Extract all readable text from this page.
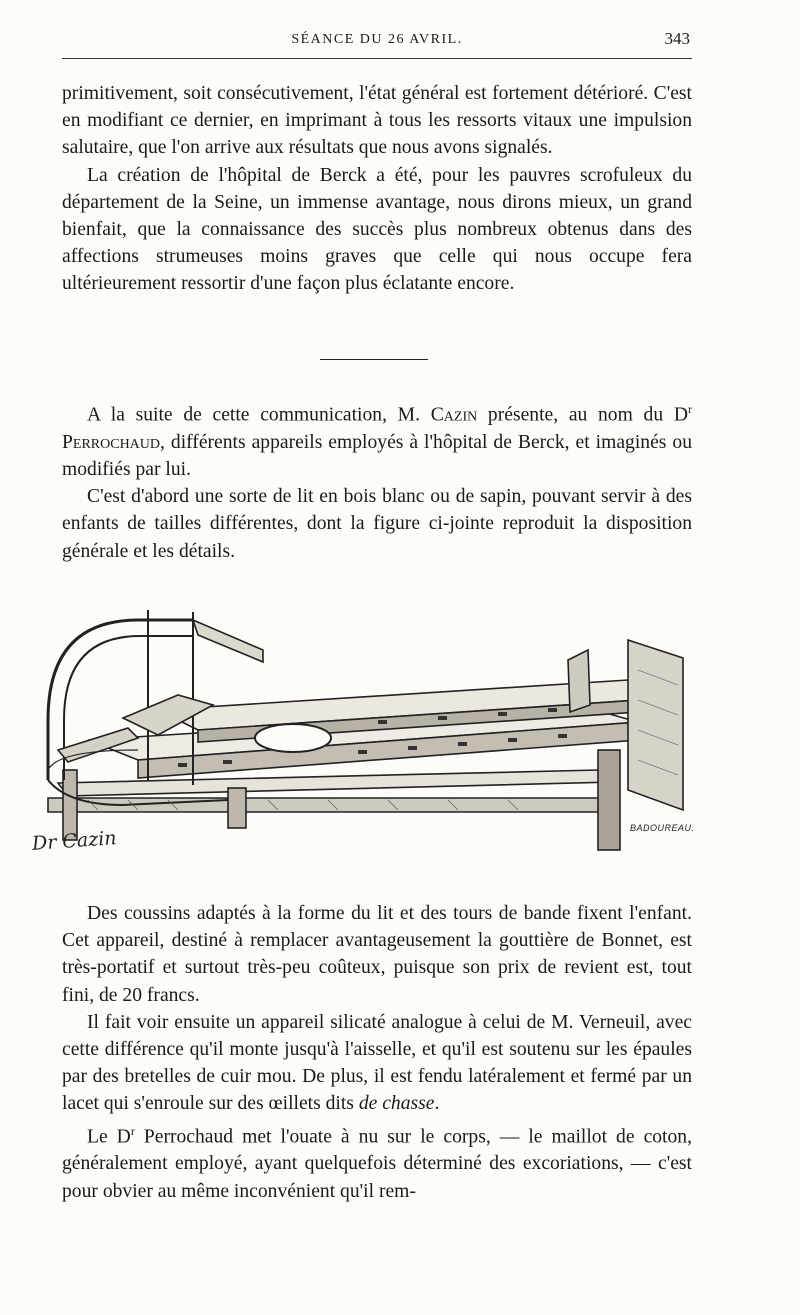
SÉANCE DU 26 AVRIL.	343

primitivement, soit consécutivement, l'état général est fortement détérioré. C'est en modifiant ce dernier, en imprimant à tous les ressorts vitaux une impulsion salutaire, que l'on arrive aux résultats que nous avons signalés.

La création de l'hôpital de Berck a été, pour les pauvres scrofuleux du département de la Seine, un immense avantage, nous dirons mieux, un grand bienfait, que la connaissance des succès plus nombreux obtenus dans des affections strumeuses moins graves que celle qui nous occupe fera ultérieurement ressortir d'une façon plus éclatante encore.

A la suite de cette communication, M. Cazin présente, au nom du $D^r$ Perrochaud, différents appareils employés à l'hôpital de Berck, et imaginés ou modifiés par lui.

C'est d'abord une sorte de lit en bois blanc ou de sapin, pouvant servir à des enfants de tailles différentes, dont la figure ci-jointe reproduit la disposition générale et les détails.

Dr Cazin	BADOUREAU.

Des coussins adaptés à la forme du lit et des tours de bande fixent l'enfant. Cet appareil, destiné à remplacer avantageusement la gouttière de Bonnet, est très-portatif et surtout très-peu coûteux, puisque son prix de revient est, tout fini, de 20 francs.

Il fait voir ensuite un appareil silicaté analogue à celui de M. Verneuil, avec cette différence qu'il monte jusqu'à l'aisselle, et qu'il est soutenu sur les épaules par des bretelles de cuir mou. De plus, il est fendu latéralement et fermé par un lacet qui s'enroule sur des œillets dits de chasse.

Le $D^r$ Perrochaud met l'ouate à nu sur le corps, — le maillot de coton, généralement employé, ayant quelquefois déterminé des excoriations, — c'est pour obvier au même inconvénient qu'il rem-
